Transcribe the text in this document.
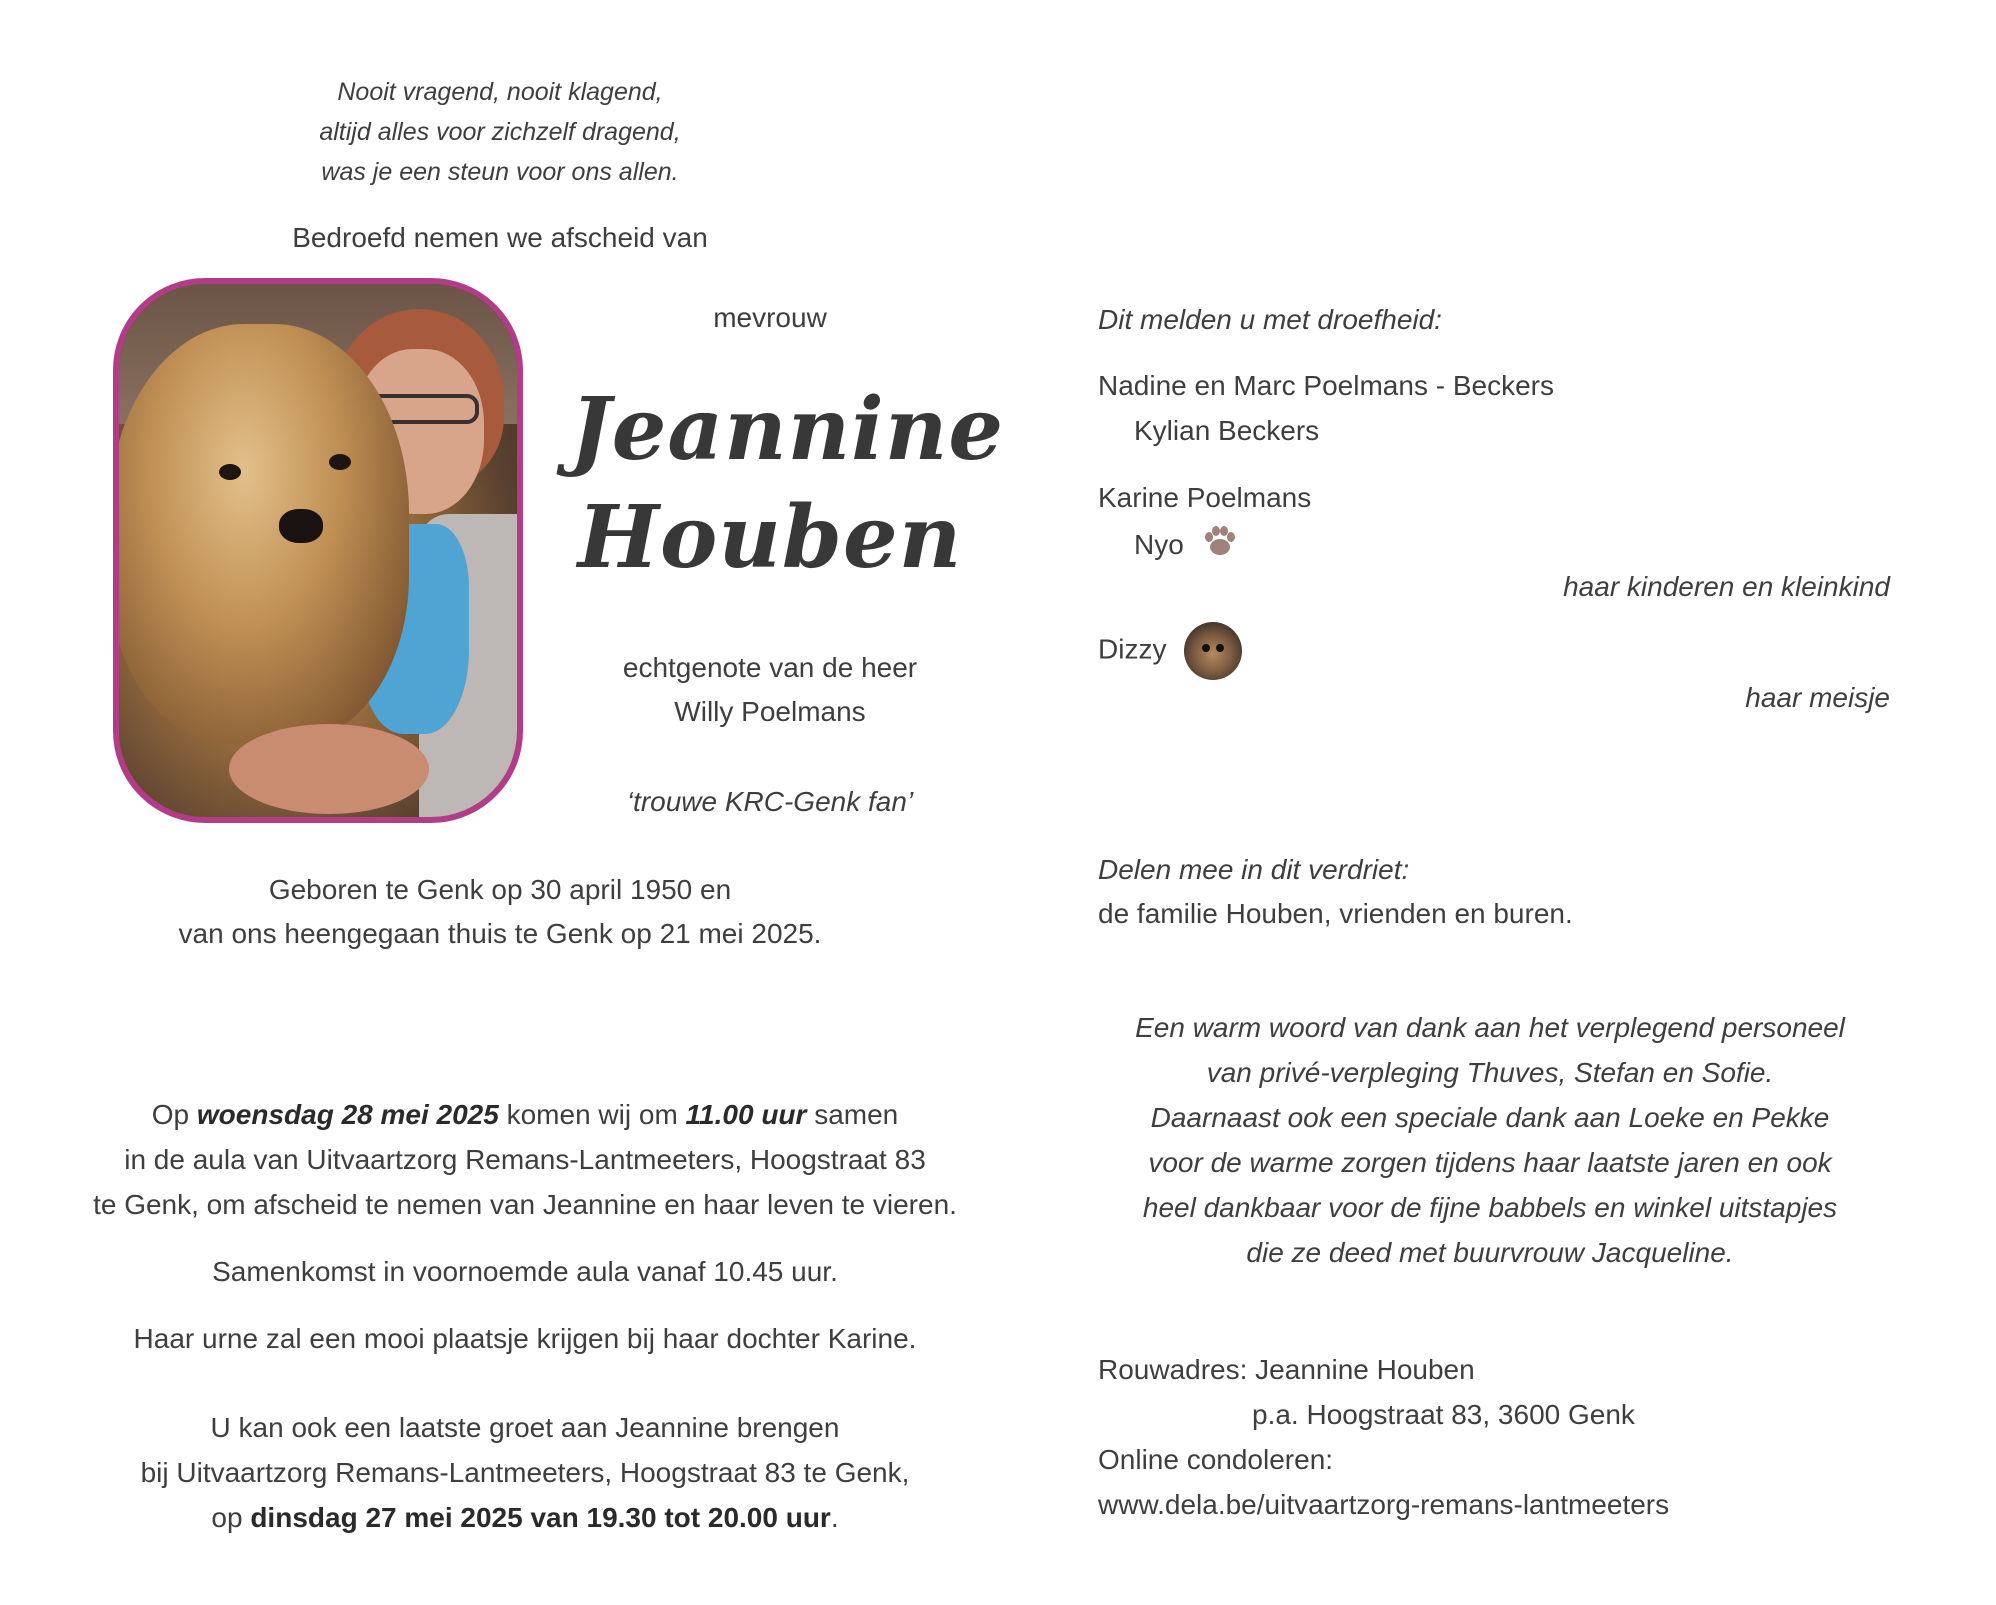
Nooit vragend, nooit klagend,
altijd alles voor zichzelf dragend,
was je een steun voor ons allen.
Bedroefd nemen we afscheid van
mevrouw
Jeannine
Houben
echtgenote van de heer
Willy Poelmans
‘trouwe KRC-Genk fan’
Geboren te Genk op 30 april 1950 en
van ons heengegaan thuis te Genk op 21 mei 2025.
Op woensdag 28 mei 2025 komen wij om 11.00 uur samen
in de aula van Uitvaartzorg Remans-Lantmeeters, Hoogstraat 83
te Genk, om afscheid te nemen van Jeannine en haar leven te vieren.
Samenkomst in voornoemde aula vanaf 10.45 uur.
Haar urne zal een mooi plaatsje krijgen bij haar dochter Karine.
U kan ook een laatste groet aan Jeannine brengen
bij Uitvaartzorg Remans-Lantmeeters, Hoogstraat 83 te Genk,
op dinsdag 27 mei 2025 van 19.30 tot 20.00 uur.
Dit melden u met droefheid:
Nadine en Marc Poelmans - Beckers
Kylian Beckers
Karine Poelmans
Nyo
haar kinderen en kleinkind
Dizzy
haar meisje
Delen mee in dit verdriet:
de familie Houben, vrienden en buren.
Een warm woord van dank aan het verplegend personeel
van privé-verpleging Thuves, Stefan en Sofie.
Daarnaast ook een speciale dank aan Loeke en Pekke
voor de warme zorgen tijdens haar laatste jaren en ook
heel dankbaar voor de fijne babbels en winkel uitstapjes
die ze deed met buurvrouw Jacqueline.
Rouwadres: Jeannine Houben
p.a. Hoogstraat 83, 3600 Genk
Online condoleren:
www.dela.be/uitvaartzorg-remans-lantmeeters
